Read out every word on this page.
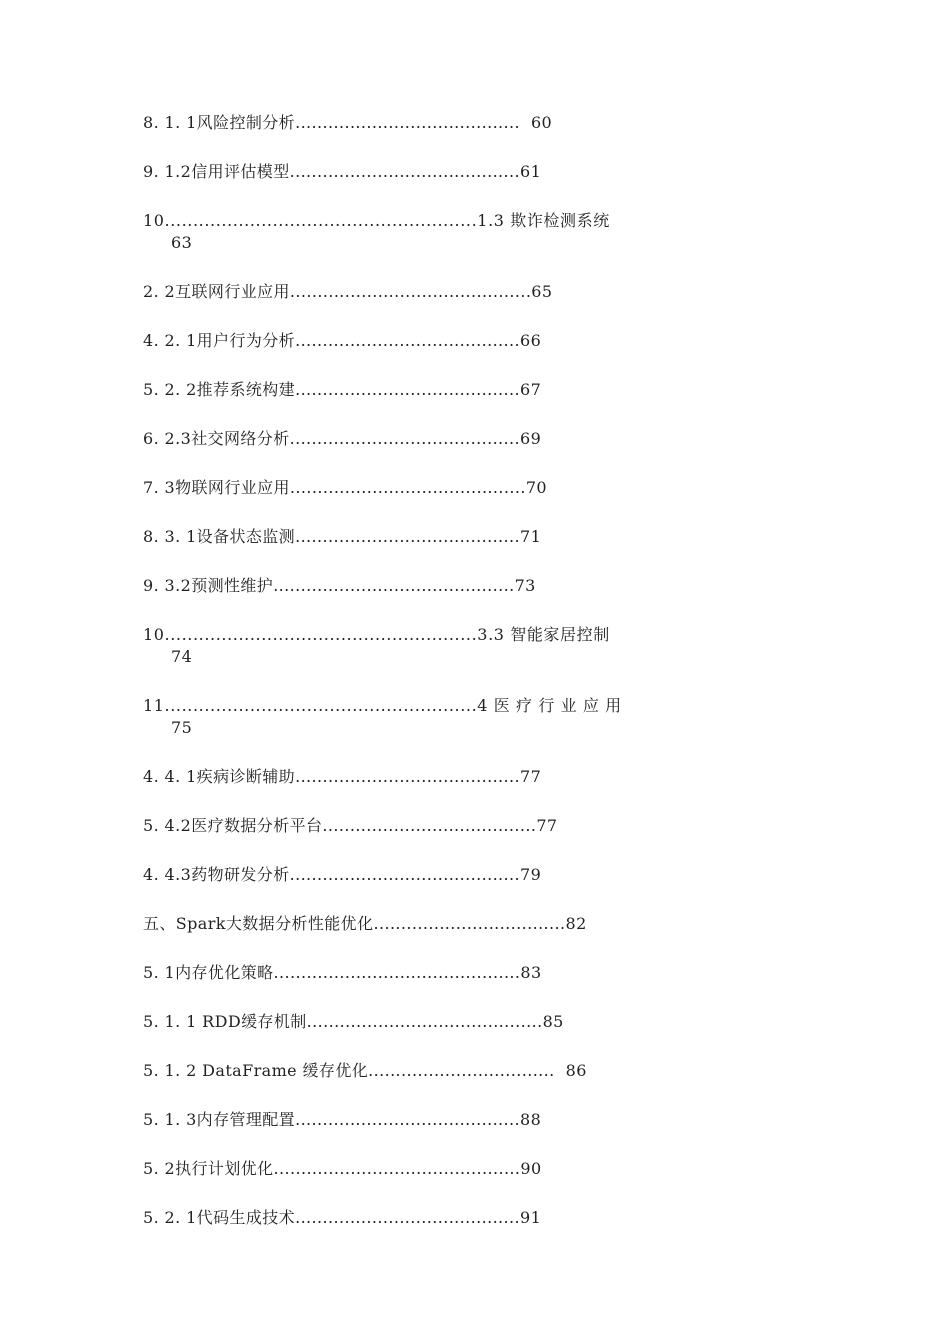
8. 1. 1风险控制分析.........................................  60

9. 1.2信用评估模型..........................................61

10.......................................................1.3 欺诈检测系统

63

2. 2互联网行业应用............................................65

4. 2. 1用户行为分析.........................................66

5. 2. 2推荐系统构建.........................................67

6. 2.3社交网络分析..........................................69

7. 3物联网行业应用...........................................70

8. 3. 1设备状态监测.........................................71

9. 3.2预测性维护............................................73

10.......................................................3.3 智能家居控制

74

11.......................................................4 医 疗 行 业 应 用

75

4. 4. 1疾病诊断辅助.........................................77

5. 4.2医疗数据分析平台.......................................77

4. 4.3药物研发分析..........................................79

五、Spark大数据分析性能优化...................................82

5. 1内存优化策略.............................................83

5. 1. 1 RDD缓存机制...........................................85

5. 1. 2 DataFrame 缓存优化..................................  86

5. 1. 3内存管理配置.........................................88

5. 2执行计划优化.............................................90

5. 2. 1代码生成技术.........................................91
